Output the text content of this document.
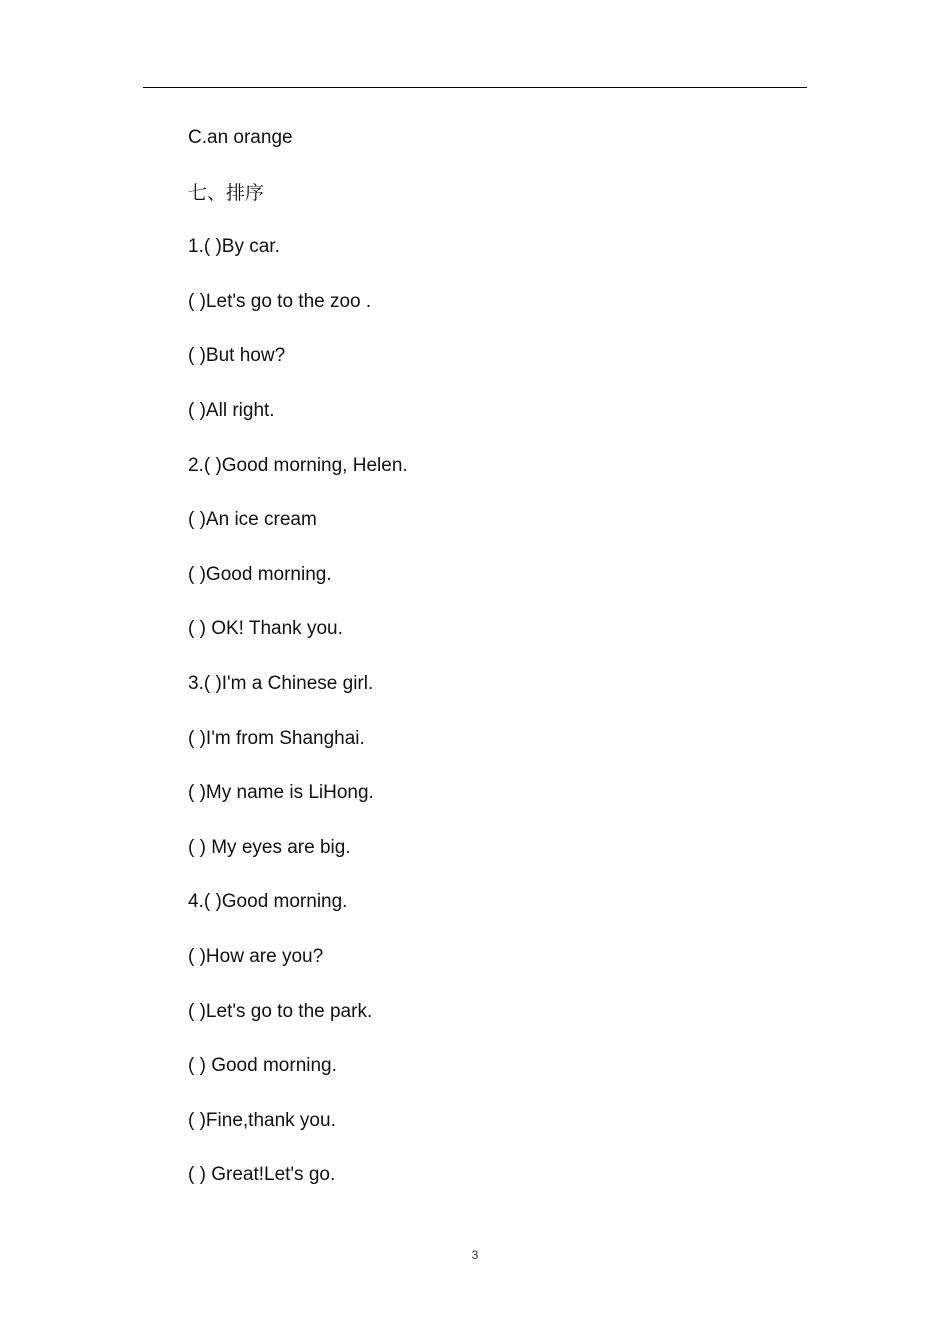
C.an orange
七、排序
1.( )By car.
( )Let's go to the zoo .
( )But how?
( )All right.
2.( )Good morning, Helen.
( )An ice cream
( )Good morning.
( ) OK! Thank you.
3.( )I'm a Chinese girl.
( )I'm from Shanghai.
( )My name is LiHong.
( ) My eyes are big.
4.( )Good morning.
( )How are you?
( )Let's go to the park.
( ) Good morning.
( )Fine,thank you.
( ) Great!Let's go.
3
